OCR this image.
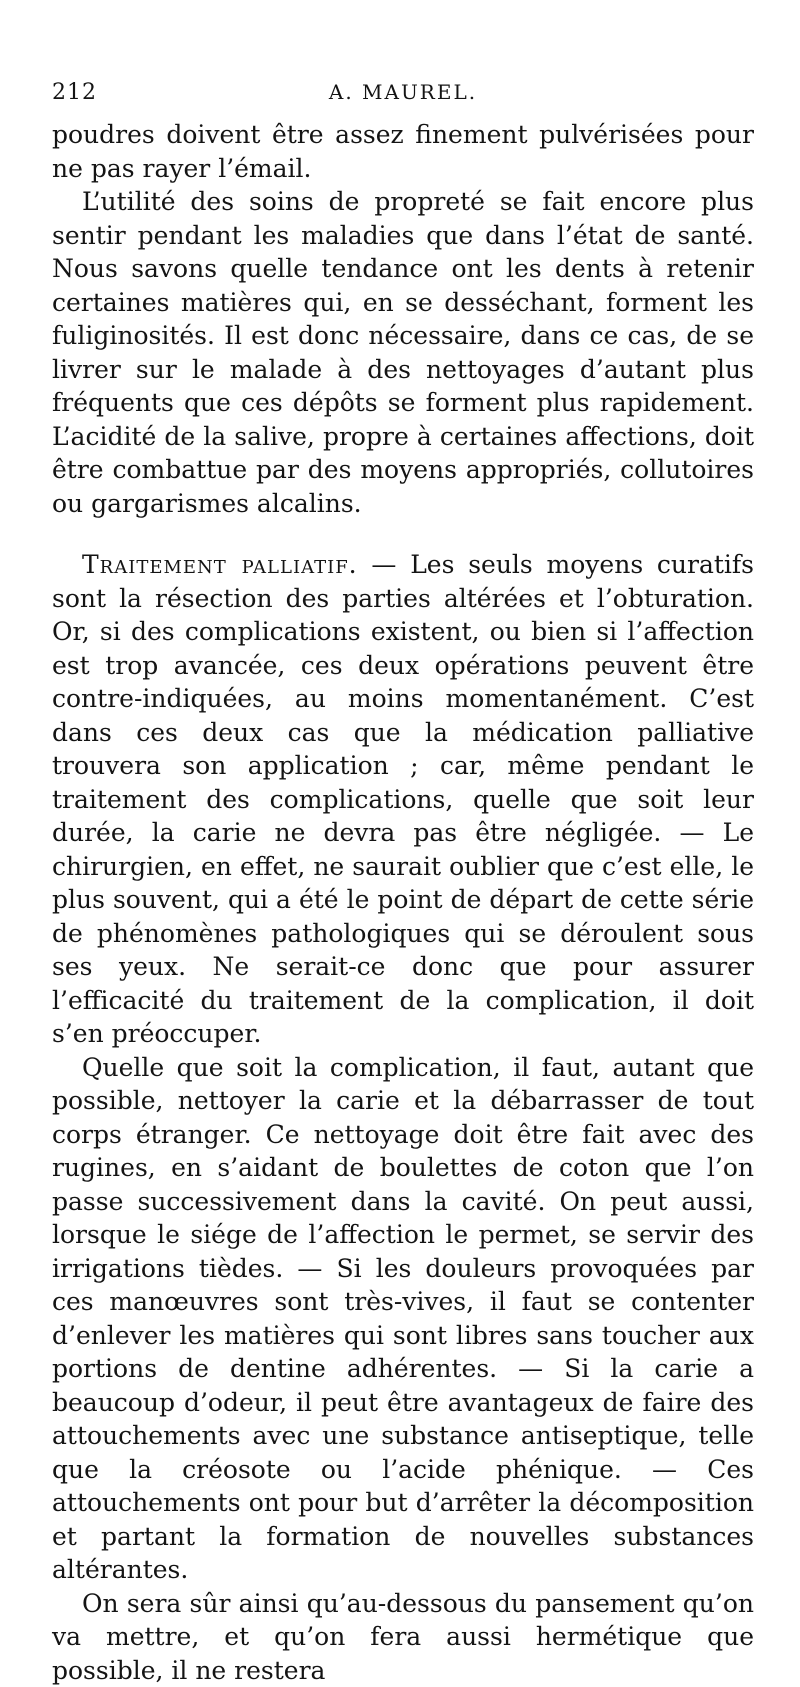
212	A. MAUREL.

poudres doivent être assez finement pulvérisées pour ne pas rayer l’émail.

L’utilité des soins de propreté se fait encore plus sentir pendant les maladies que dans l’état de santé. Nous savons quelle tendance ont les dents à retenir certaines matières qui, en se desséchant, forment les fuliginosités. Il est donc nécessaire, dans ce cas, de se livrer sur le malade à des nettoyages d’autant plus fréquents que ces dépôts se forment plus rapidement. L’acidité de la salive, propre à certaines affections, doit être combattue par des moyens appropriés, collutoires ou gargarismes alcalins.

Traitement palliatif. — Les seuls moyens curatifs sont la résection des parties altérées et l’obturation. Or, si des complications existent, ou bien si l’affection est trop avancée, ces deux opérations peuvent être contre-indiquées, au moins momentanément. C’est dans ces deux cas que la médication palliative trouvera son application ; car, même pendant le traitement des complications, quelle que soit leur durée, la carie ne devra pas être négligée. — Le chirurgien, en effet, ne saurait oublier que c’est elle, le plus souvent, qui a été le point de départ de cette série de phénomènes pathologiques qui se déroulent sous ses yeux. Ne serait-ce donc que pour assurer l’efficacité du traitement de la complication, il doit s’en préoccuper.

Quelle que soit la complication, il faut, autant que possible, nettoyer la carie et la débarrasser de tout corps étranger. Ce nettoyage doit être fait avec des rugines, en s’aidant de boulettes de coton que l’on passe successivement dans la cavité. On peut aussi, lorsque le siége de l’affection le permet, se servir des irrigations tièdes. — Si les douleurs provoquées par ces manœuvres sont très-vives, il faut se contenter d’enlever les matières qui sont libres sans toucher aux portions de dentine adhérentes. — Si la carie a beaucoup d’odeur, il peut être avantageux de faire des attouchements avec une substance antiseptique, telle que la créosote ou l’acide phénique. — Ces attouchements ont pour but d’arrêter la décomposition et partant la formation de nouvelles substances altérantes.

On sera sûr ainsi qu’au-dessous du pansement qu’on va mettre, et qu’on fera aussi hermétique que possible, il ne restera
